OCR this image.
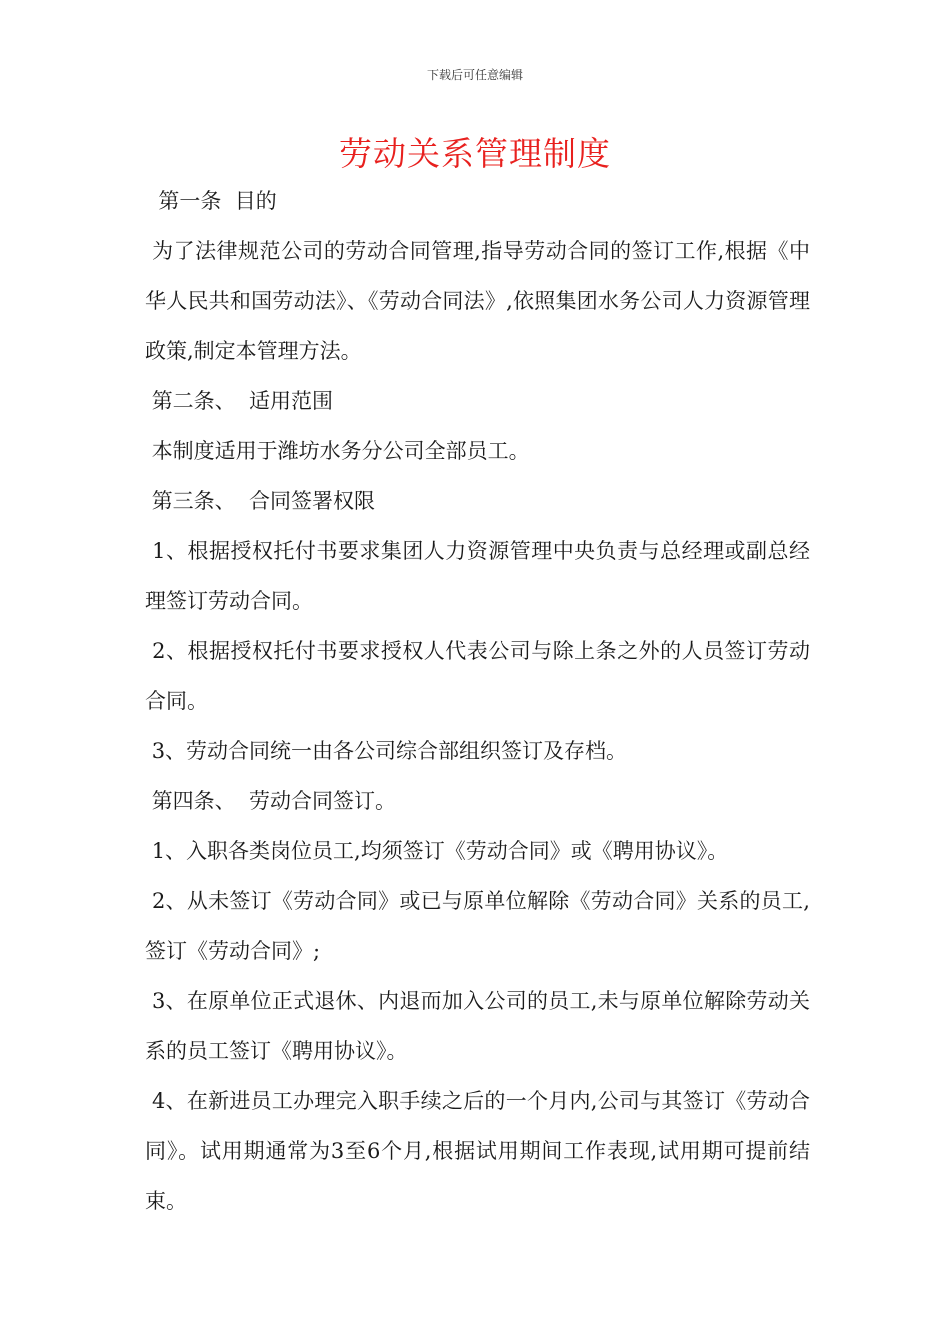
下载后可任意编辑
劳动关系管理制度

第一条  目的

为了法律规范公司的劳动合同管理,指导劳动合同的签订工作,根据《中华人民共和国劳动法》、《劳动合同法》,依照集团水务公司人力资源管理政策,制定本管理方法。

第二条、  适用范围

本制度适用于潍坊水务分公司全部员工。

第三条、  合同签署权限

1、根据授权托付书要求集团人力资源管理中央负责与总经理或副总经理签订劳动合同。

2、根据授权托付书要求授权人代表公司与除上条之外的人员签订劳动合同。

3、劳动合同统一由各公司综合部组织签订及存档。

第四条、  劳动合同签订。

1、入职各类岗位员工,均须签订《劳动合同》或《聘用协议》。

2、从未签订《劳动合同》或已与原单位解除《劳动合同》关系的员工,签订《劳动合同》;

3、在原单位正式退休、内退而加入公司的员工,未与原单位解除劳动关系的员工签订《聘用协议》。

4、在新进员工办理完入职手续之后的一个月内,公司与其签订《劳动合同》。试用期通常为3至6个月,根据试用期间工作表现,试用期可提前结束。
